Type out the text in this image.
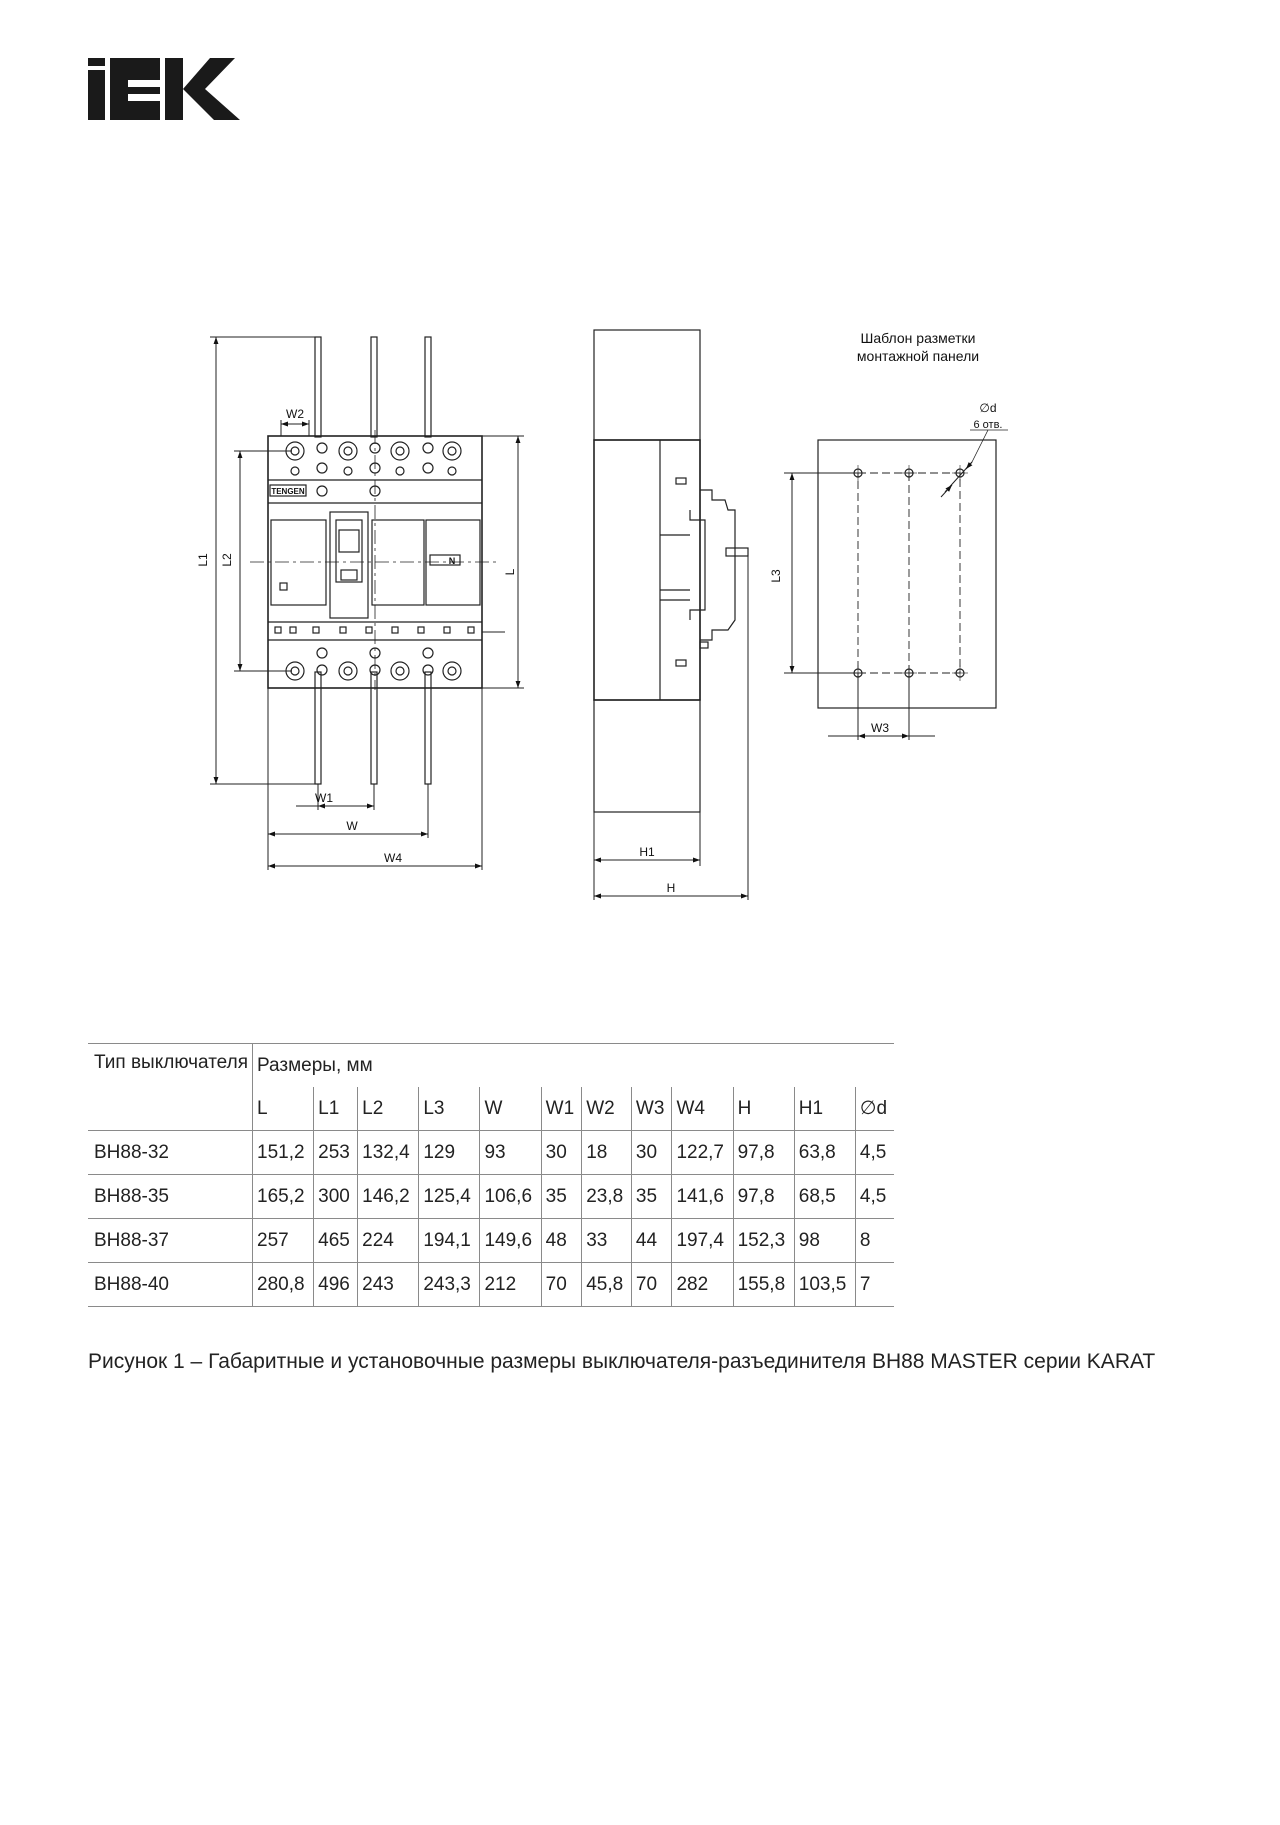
Шаблон разметки
монтажной панели
∅d
6 отв.
TENGEN
N
L1 L2
L	L3
W2
W1
W
W4	H1
H
W3
Тип выключателя	Размеры, мм											
	L	L1	L2	L3	W	W1	W2	W3	W4	H	H1	∅d
ВН88-32	151,2	253	132,4	129	93	30	18	30	122,7	97,8	63,8	4,5
ВН88-35	165,2	300	146,2	125,4	106,6	35	23,8	35	141,6	97,8	68,5	4,5
ВН88-37	257	465	224	194,1	149,6	48	33	44	197,4	152,3	98	8
ВН88-40	280,8	496	243	243,3	212	70	45,8	70	282	155,8	103,5	7
Рисунок 1 – Габаритные и установочные размеры выключателя-разъединителя ВН88 MASTER серии KARAT
